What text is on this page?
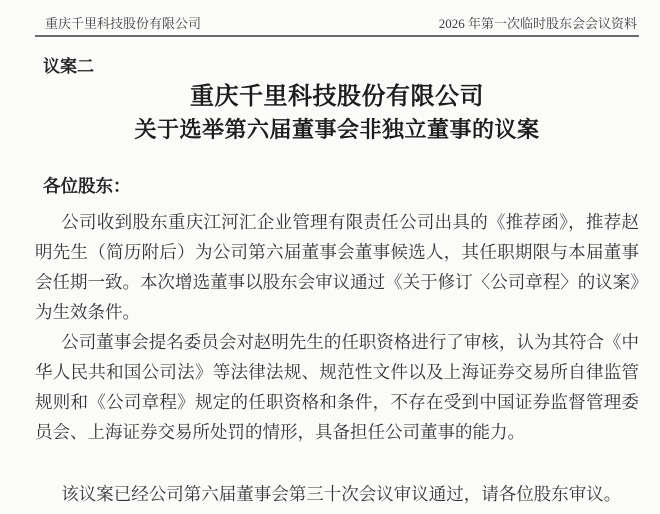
重庆千里科技股份有限公司	2026 年第一次临时股东会会议资料
议案二
重庆千里科技股份有限公司
关于选举第六届董事会非独立董事的议案
各位股东：

公司收到股东重庆江河汇企业管理有限责任公司出具的《推荐函》，推荐赵明先生（简历附后）为公司第六届董事会董事候选人，其任职期限与本届董事会任期一致。本次增选董事以股东会审议通过《关于修订〈公司章程〉的议案》为生效条件。

公司董事会提名委员会对赵明先生的任职资格进行了审核，认为其符合《中华人民共和国公司法》等法律法规、规范性文件以及上海证券交易所自律监管规则和《公司章程》规定的任职资格和条件，不存在受到中国证券监督管理委员会、上海证券交易所处罚的情形，具备担任公司董事的能力。

该议案已经公司第六届董事会第三十次会议审议通过，请各位股东审议。
